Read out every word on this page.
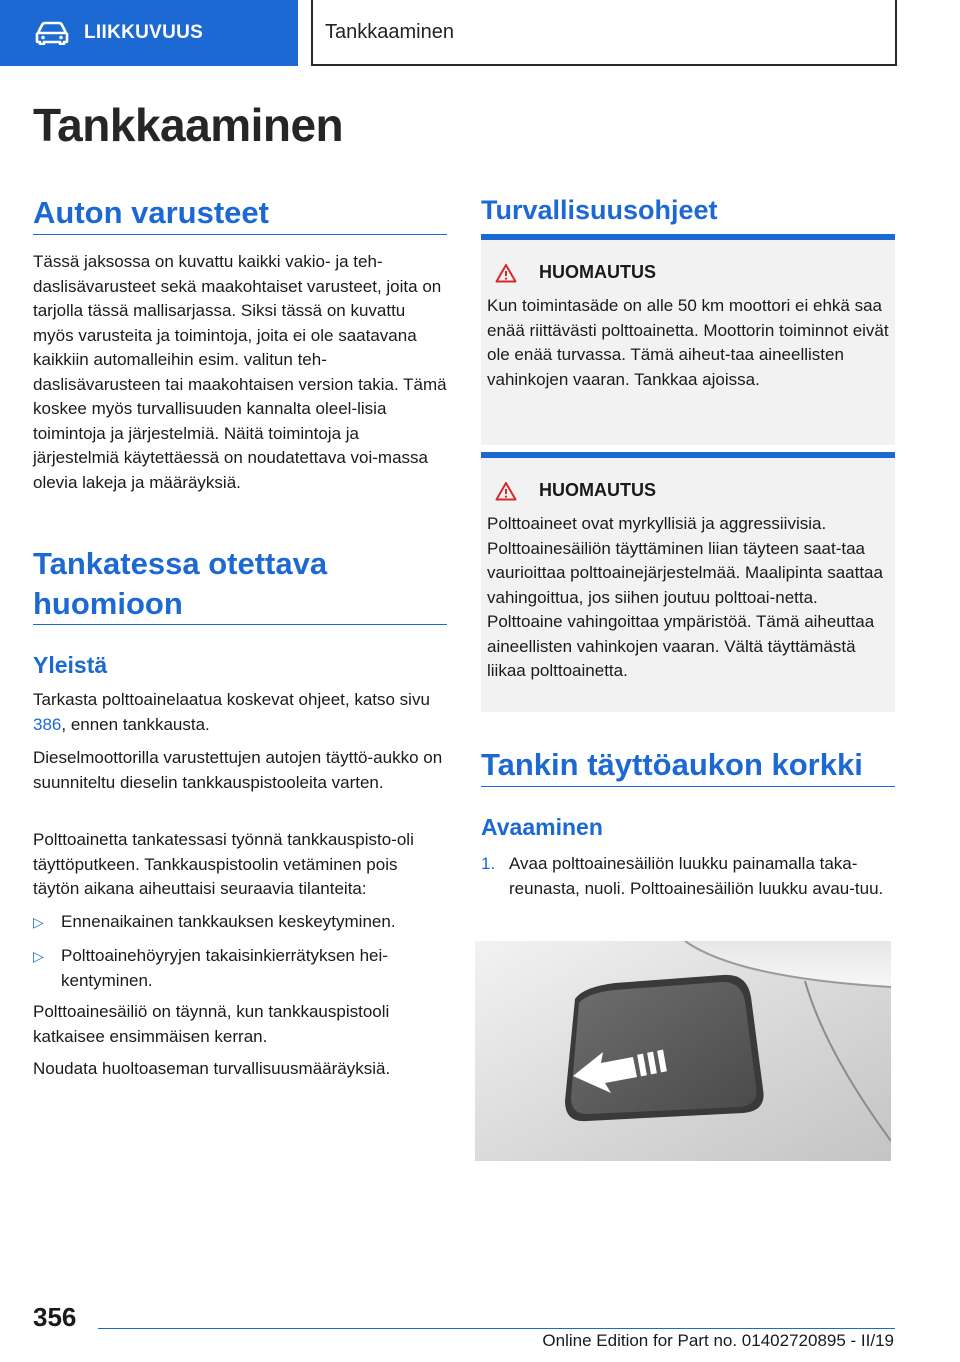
LIIKKUVUUS	Tankkaaminen
Tankkaaminen
Auton varusteet

Tässä jaksossa on kuvattu kaikki vakio- ja teh-daslisävarusteet sekä maakohtaiset varusteet, joita on tarjolla tässä mallisarjassa. Siksi tässä on kuvattu myös varusteita ja toimintoja, joita ei ole saatavana kaikkiin automalleihin esim. valitun teh-daslisävarusteen tai maakohtaisen version takia. Tämä koskee myös turvallisuuden kannalta oleel-lisia toimintoja ja järjestelmiä. Näitä toimintoja ja järjestelmiä käytettäessä on noudatettava voi-massa olevia lakeja ja määräyksiä.

Tankatessa otettava huomioon
Yleistä

Tarkasta polttoainelaatua koskevat ohjeet, katso sivu 386, ennen tankkausta.

Dieselmoottorilla varustettujen autojen täyttö-aukko on suunniteltu dieselin tankkauspistooleita varten.

Polttoainetta tankatessasi työnnä tankkauspisto-oli täyttöputkeen. Tankkauspistoolin vetäminen pois täytön aikana aiheuttaisi seuraavia tilanteita:

▷ Ennenaikainen tankkauksen keskeytyminen.
▷ Polttoainehöyryjen takaisinkierrätyksen hei-kentyminen.

Polttoainesäiliö on täynnä, kun tankkauspistooli katkaisee ensimmäisen kerran.

Noudata huoltoaseman turvallisuusmääräyksiä.

Turvallisuusohjeet
HUOMAUTUS

Kun toimintasäde on alle 50 km moottori ei ehkä saa enää riittävästi polttoainetta. Moottorin toiminnot eivät ole enää turvassa. Tämä aiheut-taa aineellisten vahinkojen vaaran. Tankkaa ajoissa.

HUOMAUTUS

Polttoaineet ovat myrkyllisiä ja aggressiivisia. Polttoainesäiliön täyttäminen liian täyteen saat-taa vaurioittaa polttoainejärjestelmää. Maalipinta saattaa vahingoittua, jos siihen joutuu polttoai-netta. Polttoaine vahingoittaa ympäristöä. Tämä aiheuttaa aineellisten vahinkojen vaaran. Vältä täyttämästä liikaa polttoainetta.

Tankin täyttöaukon korkki
Avaaminen
1. Avaa polttoainesäiliön luukku painamalla taka-reunasta, nuoli. Polttoainesäiliön luukku avau-tuu.

356

Online Edition for Part no. 01402720895 - II/19
